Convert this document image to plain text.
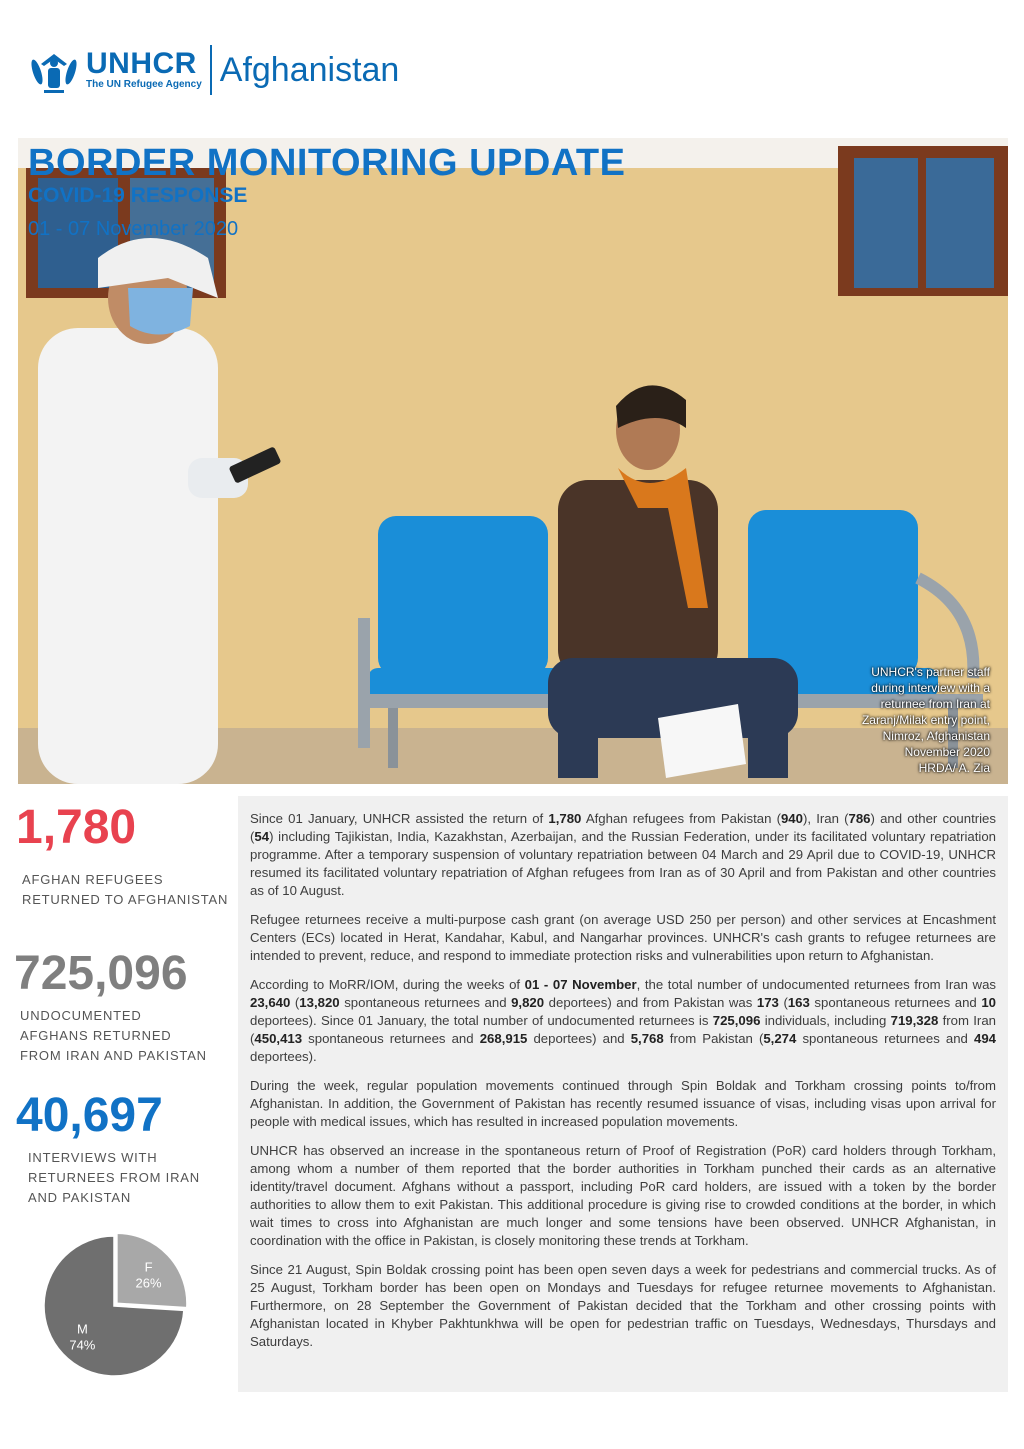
UNHCR
The UN Refugee Agency Afghanistan
BORDER MONITORING UPDATE
COVID-19 RESPONSE
01 - 07 November 2020
UNHCR's partner staff
during interview with a
returnee from Iran at
Zaranj/Milak entry point,
Nimroz, Afghanistan
November 2020
HRDA/ A. Zia
1,780
AFGHAN REFUGEES
RETURNED TO AFGHANISTAN
725,096
UNDOCUMENTED
AFGHANS RETURNED
FROM IRAN AND PAKISTAN
40,697
INTERVIEWS WITH
RETURNEES FROM IRAN
AND PAKISTAN
F
26%
M
74%

Since 01 January, UNHCR assisted the return of 1,780 Afghan refugees from Pakistan (940), Iran (786) and other countries (54) including Tajikistan, India, Kazakhstan, Azerbaijan, and the Russian Federation, under its facilitated voluntary repatriation programme. After a temporary suspension of voluntary repatriation between 04 March and 29 April due to COVID-19, UNHCR resumed its facilitated voluntary repatriation of Afghan refugees from Iran as of 30 April and from Pakistan and other countries as of 10 August.

Refugee returnees receive a multi-purpose cash grant (on average USD 250 per person) and other services at Encashment Centers (ECs) located in Herat, Kandahar, Kabul, and Nangarhar provinces. UNHCR's cash grants to refugee returnees are intended to prevent, reduce, and respond to immediate protection risks and vulnerabilities upon return to Afghanistan.

According to MoRR/IOM, during the weeks of 01 - 07 November, the total number of undocumented returnees from Iran was 23,640 (13,820 spontaneous returnees and 9,820 deportees) and from Pakistan was 173 (163 spontaneous returnees and 10 deportees). Since 01 January, the total number of undocumented returnees is 725,096 individuals, including 719,328 from Iran (450,413 spontaneous returnees and 268,915 deportees) and 5,768 from Pakistan (5,274 spontaneous returnees and 494 deportees).

During the week, regular population movements continued through Spin Boldak and Torkham crossing points to/from Afghanistan. In addition, the Government of Pakistan has recently resumed issuance of visas, including visas upon arrival for people with medical issues, which has resulted in increased population movements.

UNHCR has observed an increase in the spontaneous return of Proof of Registration (PoR) card holders through Torkham, among whom a number of them reported that the border authorities in Torkham punched their cards as an alternative identity/travel document. Afghans without a passport, including PoR card holders, are issued with a token by the border authorities to allow them to exit Pakistan. This additional procedure is giving rise to crowded conditions at the border, in which wait times to cross into Afghanistan are much longer and some tensions have been observed. UNHCR Afghanistan, in coordination with the office in Pakistan, is closely monitoring these trends at Torkham.

Since 21 August, Spin Boldak crossing point has been open seven days a week for pedestrians and commercial trucks. As of 25 August, Torkham border has been open on Mondays and Tuesdays for refugee returnee movements to Afghanistan. Furthermore, on 28 September the Government of Pakistan decided that the Torkham and other crossing points with Afghanistan located in Khyber Pakhtunkhwa will be open for pedestrian traffic on Tuesdays, Wednesdays, Thursdays and Saturdays.
